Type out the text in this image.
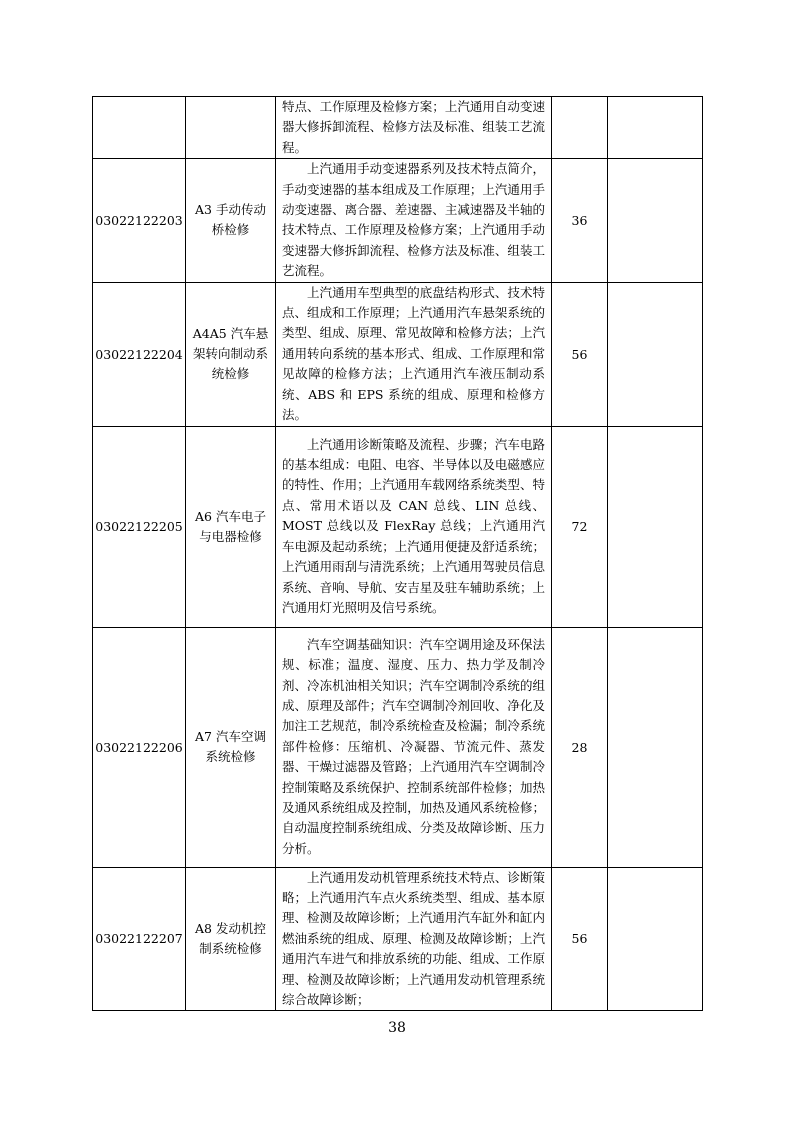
		特点、工作原理及检修方案；上汽通用自动变速器大修拆卸流程、检修方法及标准、组装工艺流程。		
03022122203	A3 手动传动桥检修	上汽通用手动变速器系列及技术特点简介，手动变速器的基本组成及工作原理；上汽通用手动变速器、离合器、差速器、主减速器及半轴的技术特点、工作原理及检修方案；上汽通用手动变速器大修拆卸流程、检修方法及标准、组装工艺流程。	36	
03022122204	A4A5 汽车悬架转向制动系统检修	上汽通用车型典型的底盘结构形式、技术特点、组成和工作原理；上汽通用汽车悬架系统的类型、组成、原理、常见故障和检修方法；上汽通用转向系统的基本形式、组成、工作原理和常见故障的检修方法；上汽通用汽车液压制动系统、ABS 和 EPS 系统的组成、原理和检修方法。	56	
03022122205	A6 汽车电子与电器检修	上汽通用诊断策略及流程、步骤；汽车电路的基本组成：电阻、电容、半导体以及电磁感应的特性、作用；上汽通用车载网络系统类型、特点、常用术语以及 CAN 总线、LIN 总线、MOST 总线以及 FlexRay 总线；上汽通用汽车电源及起动系统；上汽通用便捷及舒适系统；上汽通用雨刮与清洗系统；上汽通用驾驶员信息系统、音响、导航、安吉星及驻车辅助系统；上汽通用灯光照明及信号系统。	72	
03022122206	A7 汽车空调系统检修	汽车空调基础知识：汽车空调用途及环保法规、标准；温度、湿度、压力、热力学及制冷剂、冷冻机油相关知识；汽车空调制冷系统的组成、原理及部件；汽车空调制冷剂回收、净化及加注工艺规范，制冷系统检查及检漏；制冷系统部件检修：压缩机、冷凝器、节流元件、蒸发器、干燥过滤器及管路；上汽通用汽车空调制冷控制策略及系统保护、控制系统部件检修；加热及通风系统组成及控制，加热及通风系统检修；自动温度控制系统组成、分类及故障诊断、压力分析。	28	
03022122207	A8 发动机控制系统检修	上汽通用发动机管理系统技术特点、诊断策略；上汽通用汽车点火系统类型、组成、基本原理、检测及故障诊断；上汽通用汽车缸外和缸内燃油系统的组成、原理、检测及故障诊断；上汽通用汽车进气和排放系统的功能、组成、工作原理、检测及故障诊断；上汽通用发动机管理系统综合故障诊断；	56	
38
